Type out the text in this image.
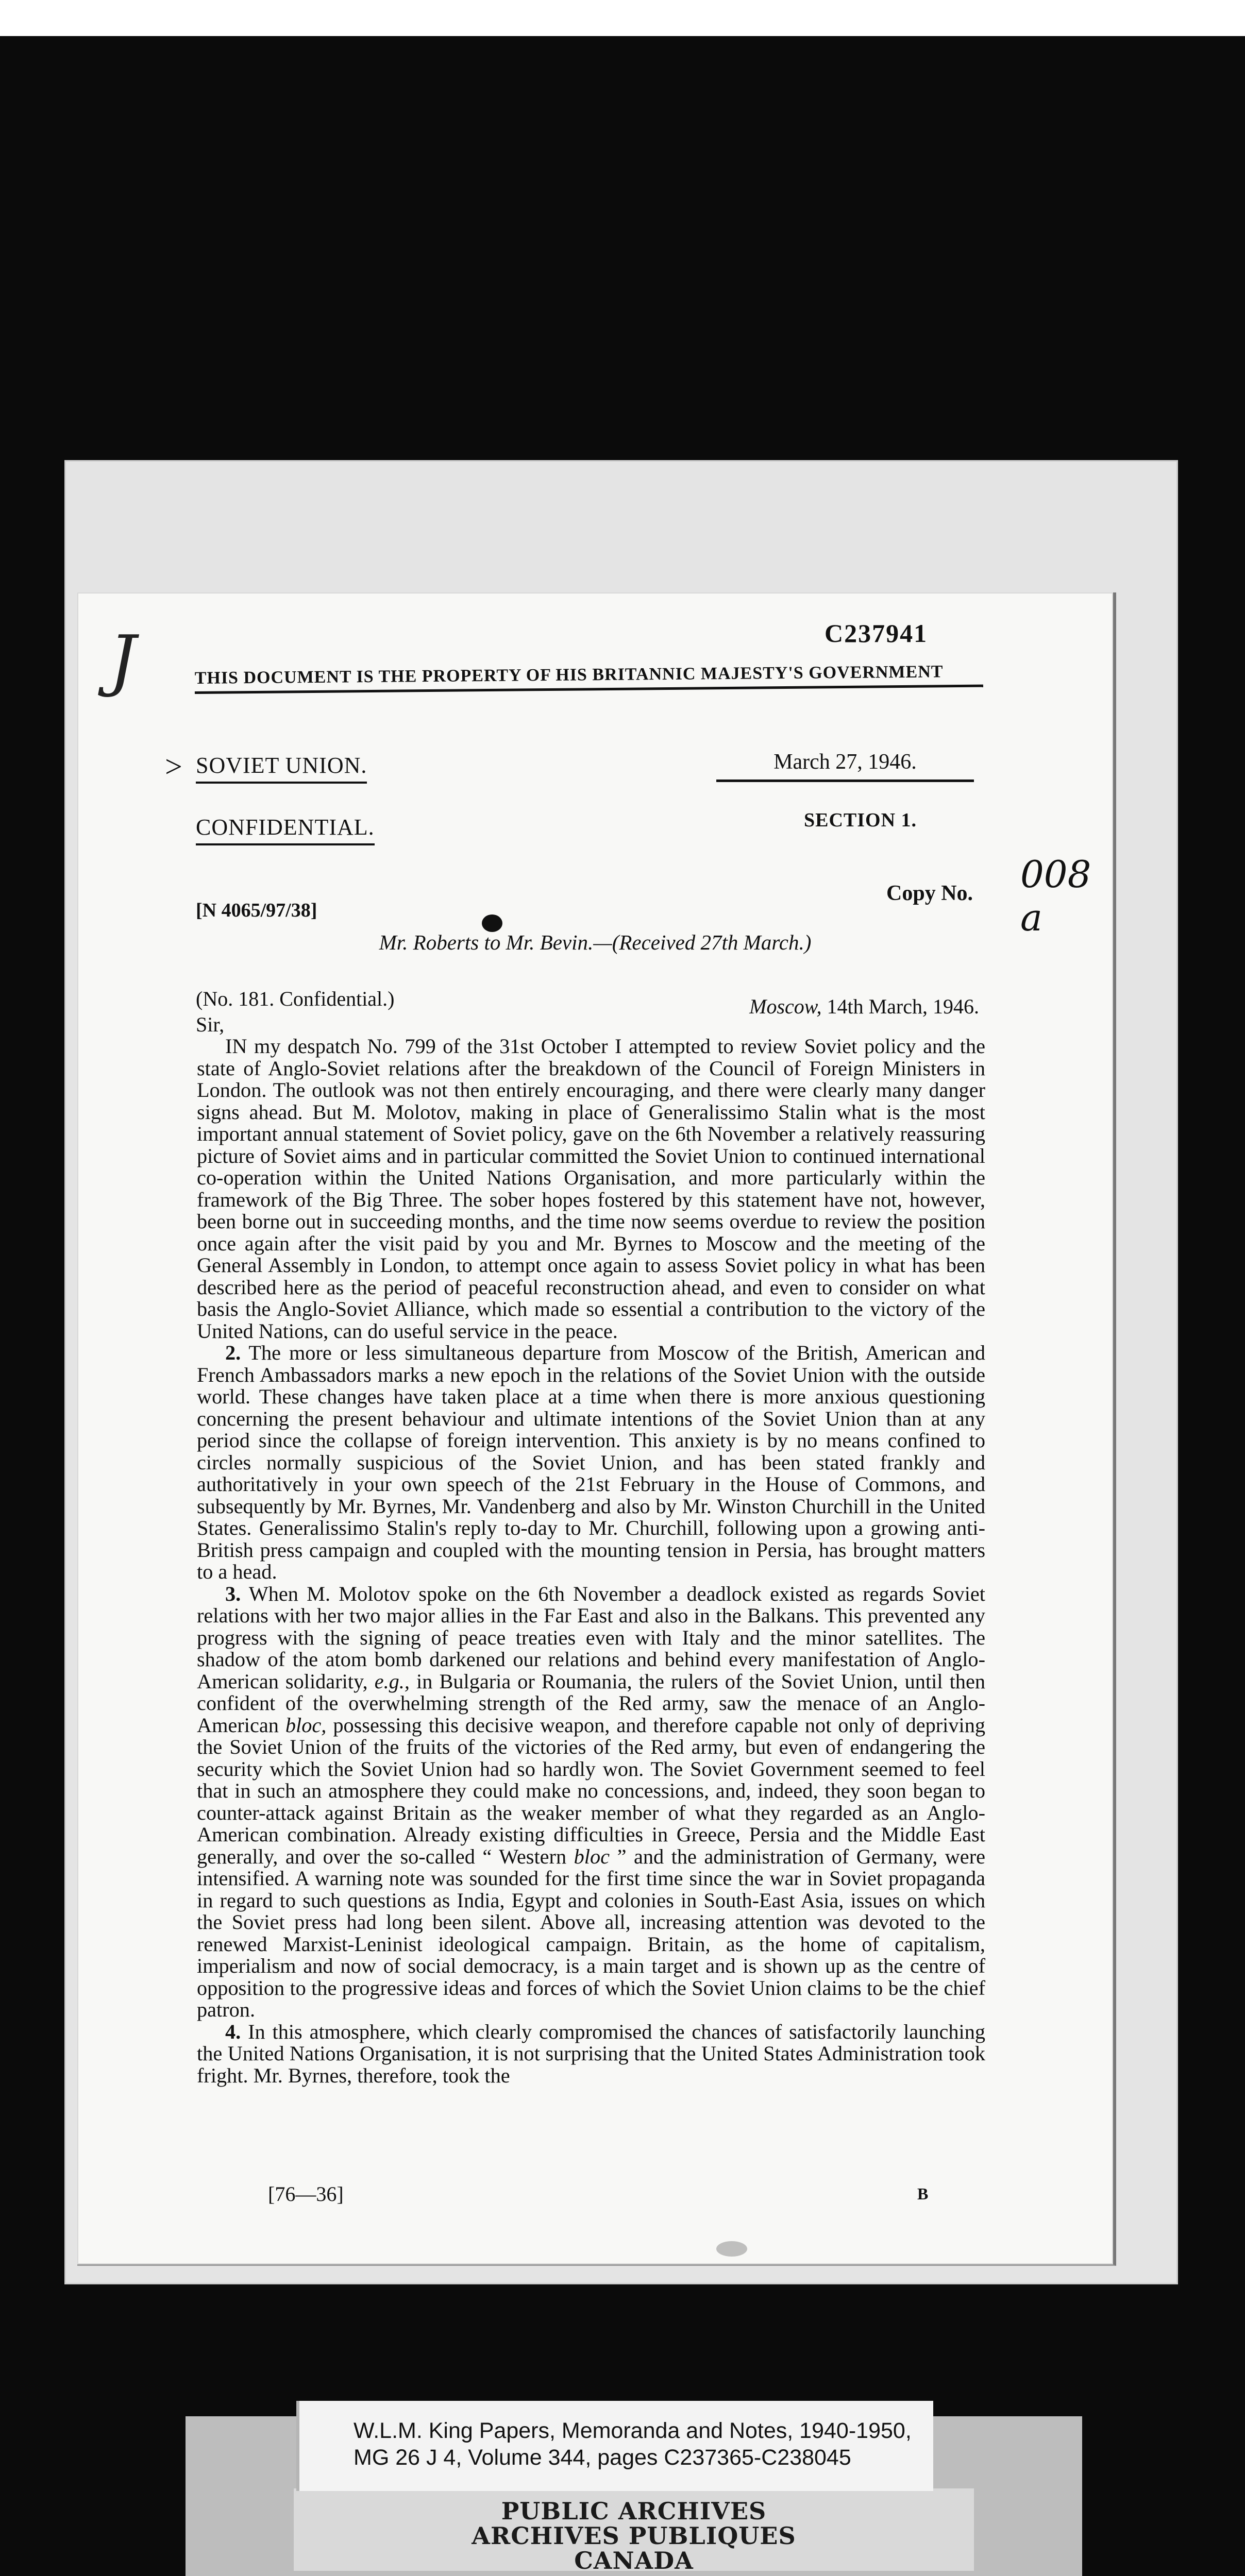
J	C237941
THIS DOCUMENT IS THE PROPERTY OF HIS BRITANNIC MAJESTY'S GOVERNMENT
> SOVIET UNION.	March 27, 1946.
CONFIDENTIAL.	SECTION 1.
[N 4065/97/38]
Copy No. 008 a
Mr. Roberts to Mr. Bevin.—(Received 27th March.)
(No. 181. Confidential.)	Moscow, 14th March, 1946.
Sir,

IN my despatch No. 799 of the 31st October I attempted to review Soviet policy and the state of Anglo-Soviet relations after the breakdown of the Council of Foreign Ministers in London. The outlook was not then entirely encouraging, and there were clearly many danger signs ahead. But M. Molotov, making in place of Generalissimo Stalin what is the most important annual statement of Soviet policy, gave on the 6th November a relatively reassuring picture of Soviet aims and in particular committed the Soviet Union to continued international co-operation within the United Nations Organisation, and more particularly within the framework of the Big Three. The sober hopes fostered by this statement have not, however, been borne out in succeeding months, and the time now seems overdue to review the position once again after the visit paid by you and Mr. Byrnes to Moscow and the meeting of the General Assembly in London, to attempt once again to assess Soviet policy in what has been described here as the period of peaceful reconstruction ahead, and even to consider on what basis the Anglo-Soviet Alliance, which made so essential a contribution to the victory of the United Nations, can do useful service in the peace.

2. The more or less simultaneous departure from Moscow of the British, American and French Ambassadors marks a new epoch in the relations of the Soviet Union with the outside world. These changes have taken place at a time when there is more anxious questioning concerning the present behaviour and ultimate intentions of the Soviet Union than at any period since the collapse of foreign intervention. This anxiety is by no means confined to circles normally suspicious of the Soviet Union, and has been stated frankly and authoritatively in your own speech of the 21st February in the House of Commons, and subsequently by Mr. Byrnes, Mr. Vandenberg and also by Mr. Winston Churchill in the United States. Generalissimo Stalin's reply to-day to Mr. Churchill, following upon a growing anti-British press campaign and coupled with the mounting tension in Persia, has brought matters to a head.

3. When M. Molotov spoke on the 6th November a deadlock existed as regards Soviet relations with her two major allies in the Far East and also in the Balkans. This prevented any progress with the signing of peace treaties even with Italy and the minor satellites. The shadow of the atom bomb darkened our relations and behind every manifestation of Anglo-American solidarity, e.g., in Bulgaria or Roumania, the rulers of the Soviet Union, until then confident of the overwhelming strength of the Red army, saw the menace of an Anglo-American bloc, possessing this decisive weapon, and therefore capable not only of depriving the Soviet Union of the fruits of the victories of the Red army, but even of endangering the security which the Soviet Union had so hardly won. The Soviet Government seemed to feel that in such an atmosphere they could make no concessions, and, indeed, they soon began to counter-attack against Britain as the weaker member of what they regarded as an Anglo-American combination. Already existing difficulties in Greece, Persia and the Middle East generally, and over the so-called “ Western bloc ” and the administration of Germany, were intensified. A warning note was sounded for the first time since the war in Soviet propaganda in regard to such questions as India, Egypt and colonies in South-East Asia, issues on which the Soviet press had long been silent. Above all, increasing attention was devoted to the renewed Marxist-Leninist ideological campaign. Britain, as the home of capitalism, imperialism and now of social democracy, is a main target and is shown up as the centre of opposition to the progressive ideas and forces of which the Soviet Union claims to be the chief patron.

4. In this atmosphere, which clearly compromised the chances of satisfactorily launching the United Nations Organisation, it is not surprising that the United States Administration took fright. Mr. Byrnes, therefore, took the

[76—36]	B
W.L.M. King Papers, Memoranda and Notes, 1940-1950,
MG 26 J 4, Volume 344, pages C237365-C238045
PUBLIC ARCHIVES
ARCHIVES PUBLIQUES
CANADA
